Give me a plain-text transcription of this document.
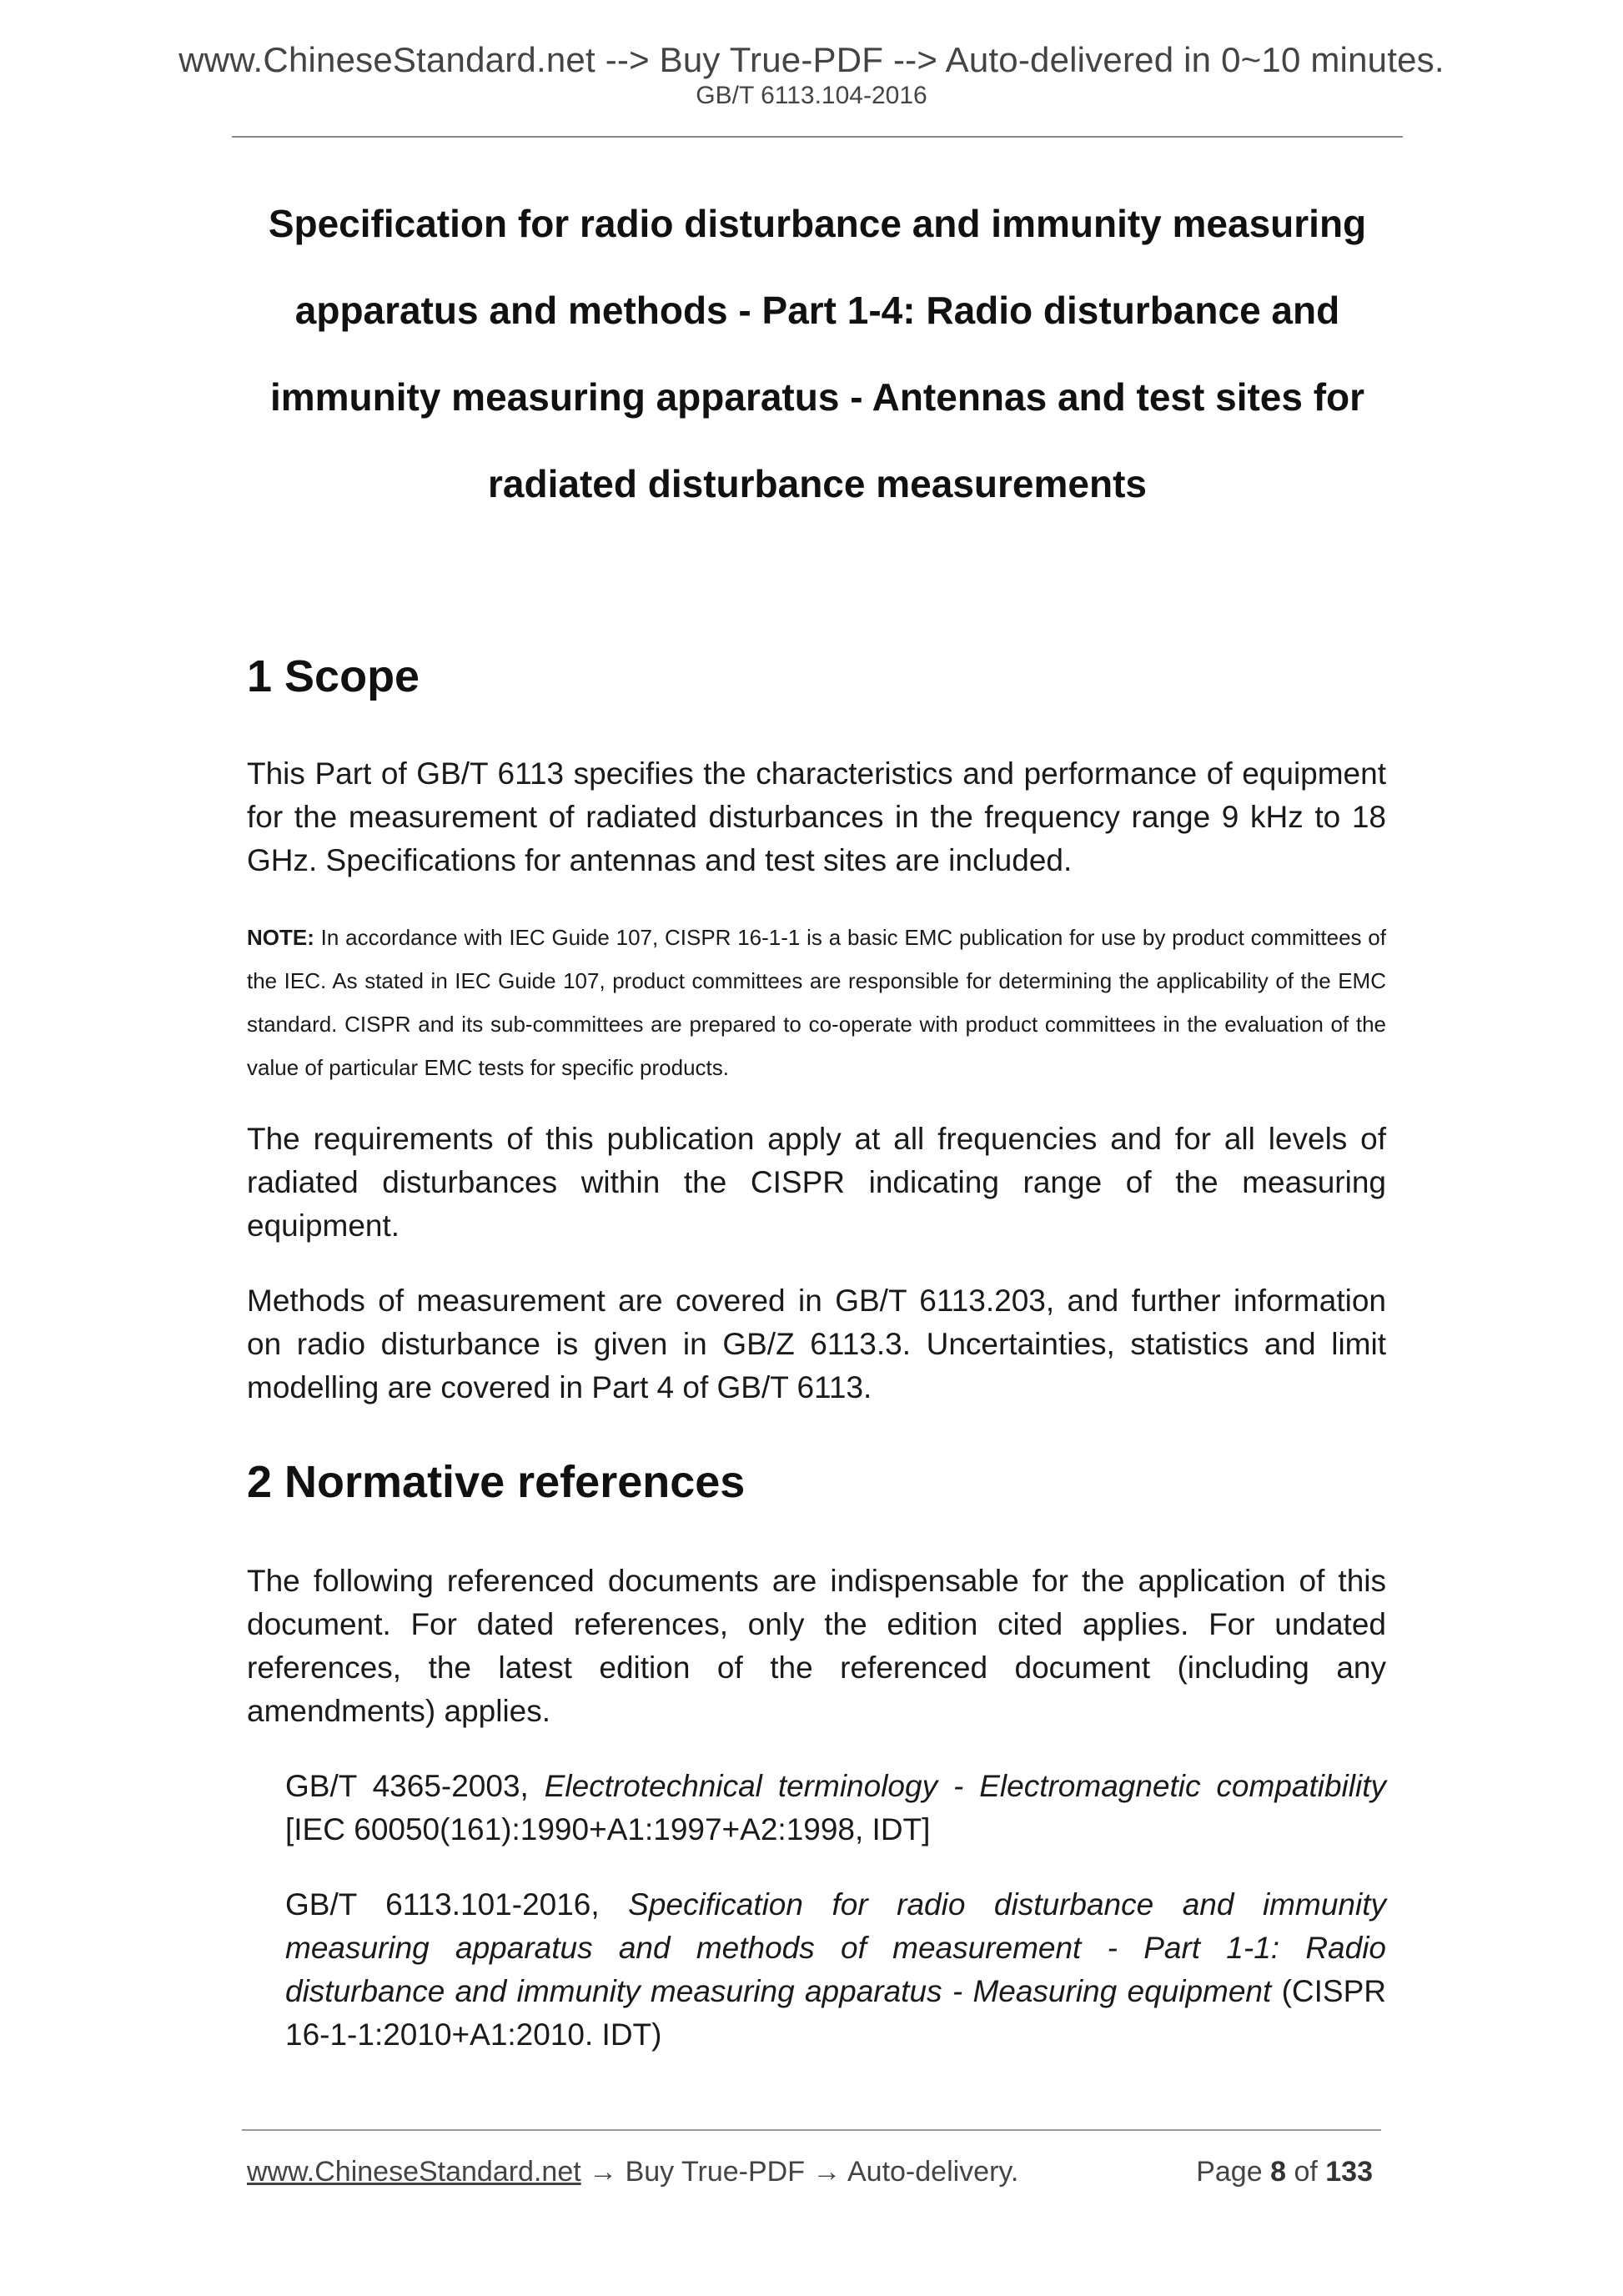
www.ChineseStandard.net --> Buy True-PDF --> Auto-delivered in 0~10 minutes.
GB/T 6113.104-2016
Specification for radio disturbance and immunity measuring
apparatus and methods - Part 1-4: Radio disturbance and
immunity measuring apparatus - Antennas and test sites for
radiated disturbance measurements
1 Scope
This Part of GB/T 6113 specifies the characteristics and performance of equipment for the measurement of radiated disturbances in the frequency range 9 kHz to 18 GHz. Specifications for antennas and test sites are included.
NOTE: In accordance with IEC Guide 107, CISPR 16-1-1 is a basic EMC publication for use by product committees of the IEC. As stated in IEC Guide 107, product committees are responsible for determining the applicability of the EMC standard. CISPR and its sub-committees are prepared to co-operate with product committees in the evaluation of the value of particular EMC tests for specific products.
The requirements of this publication apply at all frequencies and for all levels of radiated disturbances within the CISPR indicating range of the measuring equipment.
Methods of measurement are covered in GB/T 6113.203, and further information on radio disturbance is given in GB/Z 6113.3. Uncertainties, statistics and limit modelling are covered in Part 4 of GB/T 6113.
2 Normative references
The following referenced documents are indispensable for the application of this document. For dated references, only the edition cited applies. For undated references, the latest edition of the referenced document (including any amendments) applies.
GB/T 4365-2003, Electrotechnical terminology - Electromagnetic compatibility [IEC 60050(161):1990+A1:1997+A2:1998, IDT]
GB/T 6113.101-2016, Specification for radio disturbance and immunity measuring apparatus and methods of measurement - Part 1-1: Radio disturbance and immunity measuring apparatus - Measuring equipment (CISPR 16-1-1:2010+A1:2010. IDT)
www.ChineseStandard.net → Buy True-PDF → Auto-delivery.	Page 8 of 133
